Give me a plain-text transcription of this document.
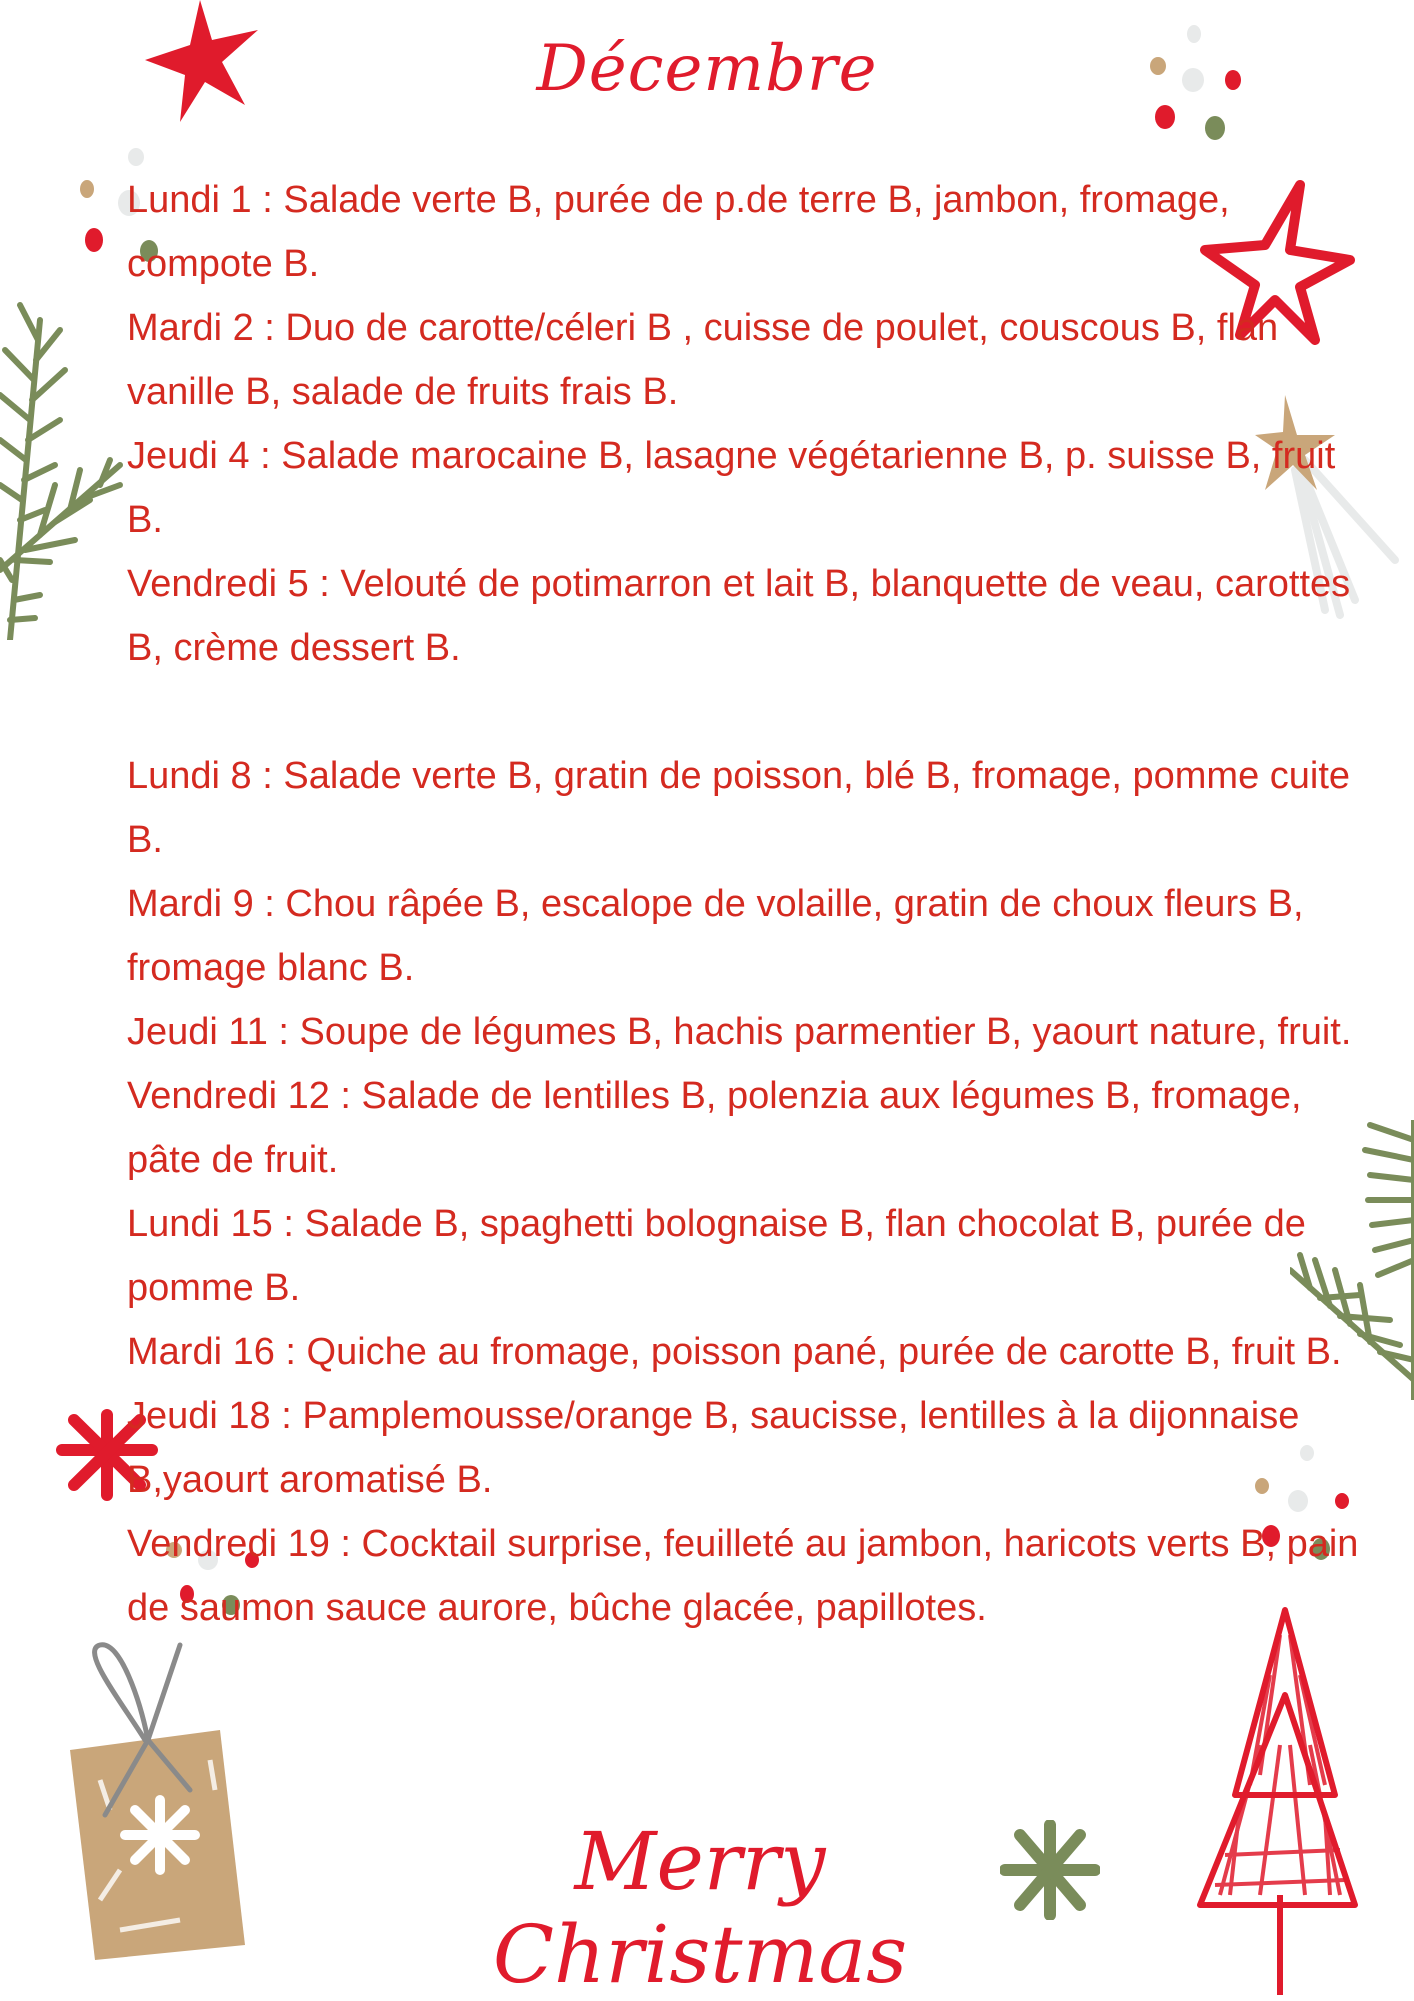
Décembre

Lundi 1 : Salade verte B, purée de p.de terre B, jambon, fromage, compote B.

Mardi 2 : Duo de carotte/céleri B , cuisse de poulet, couscous B, flan vanille B, salade de fruits frais B.

Jeudi 4 : Salade marocaine B, lasagne végétarienne B, p. suisse B, fruit B.

Vendredi 5 : Velouté de potimarron et lait B, blanquette de veau, carottes B, crème dessert B.

Lundi 8 : Salade verte B, gratin de poisson, blé B, fromage, pomme cuite B.

Mardi 9 : Chou râpée B, escalope de volaille, gratin de choux fleurs B, fromage blanc B.

Jeudi 11 : Soupe de légumes B, hachis parmentier B, yaourt nature, fruit.

Vendredi 12 : Salade de lentilles B, polenzia aux légumes B, fromage, pâte de fruit.

Lundi 15 : Salade B, spaghetti bolognaise B, flan chocolat B, purée de pomme B.

Mardi 16 : Quiche au fromage, poisson pané, purée de carotte B, fruit B.

Jeudi 18 : Pamplemousse/orange B, saucisse, lentilles à la dijonnaise B,yaourt aromatisé B.

Vendredi 19 : Cocktail surprise, feuilleté au jambon, haricots verts B, pain de saumon sauce aurore, bûche glacée, papillotes.

Merry Christmas
